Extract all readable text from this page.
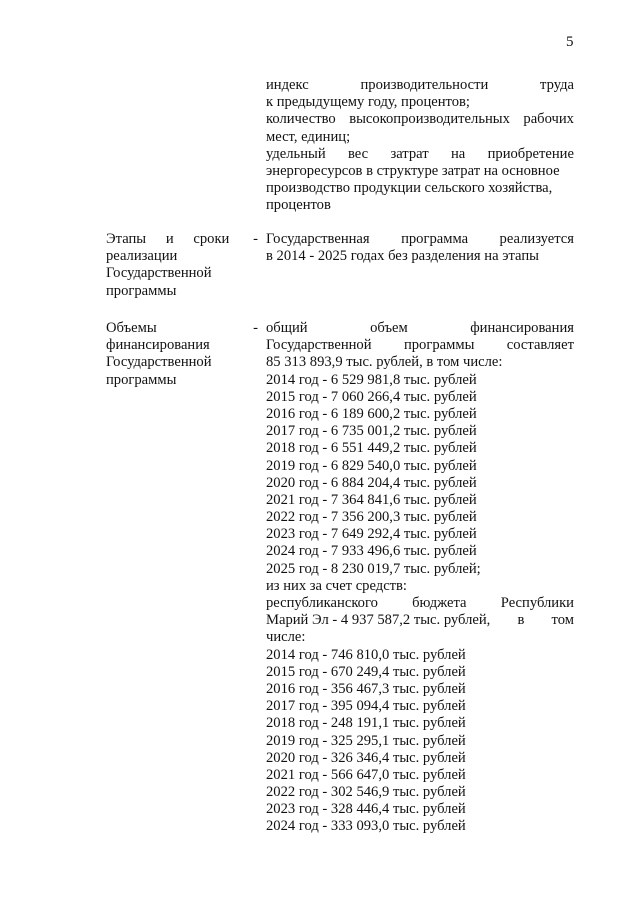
5
индекс	производительности	труда
к предыдущему году, процентов;
количество высокопроизводительных рабочих
мест, единиц;
удельный вес затрат на приобретение
энергоресурсов в структуре затрат на основное
производство продукции сельского хозяйства,
процентов
Этапы и сроки -
реализации
Государственной
программы
Государственная программа реализуется
в 2014 - 2025 годах без разделения на этапы
Объемы	-
финансирования
Государственной
программы
общий	объем	финансирования
Государственной программы составляет
85 313 893,9 тыс. рублей, в том числе:
2014 год - 6 529 981,8 тыс. рублей
2015 год - 7 060 266,4 тыс. рублей
2016 год - 6 189 600,2 тыс. рублей
2017 год - 6 735 001,2 тыс. рублей
2018 год - 6 551 449,2 тыс. рублей
2019 год - 6 829 540,0 тыс. рублей
2020 год - 6 884 204,4 тыс. рублей
2021 год - 7 364 841,6 тыс. рублей
2022 год - 7 356 200,3 тыс. рублей
2023 год - 7 649 292,4 тыс. рублей
2024 год - 7 933 496,6 тыс. рублей
2025 год - 8 230 019,7 тыс. рублей;
из них за счет средств:
республиканского бюджета Республики
Марий Эл - 4 937 587,2 тыс. рублей, в том
числе:
2014 год - 746 810,0 тыс. рублей
2015 год - 670 249,4 тыс. рублей
2016 год - 356 467,3 тыс. рублей
2017 год - 395 094,4 тыс. рублей
2018 год - 248 191,1 тыс. рублей
2019 год - 325 295,1 тыс. рублей
2020 год - 326 346,4 тыс. рублей
2021 год - 566 647,0 тыс. рублей
2022 год - 302 546,9 тыс. рублей
2023 год - 328 446,4 тыс. рублей
2024 год - 333 093,0 тыс. рублей
